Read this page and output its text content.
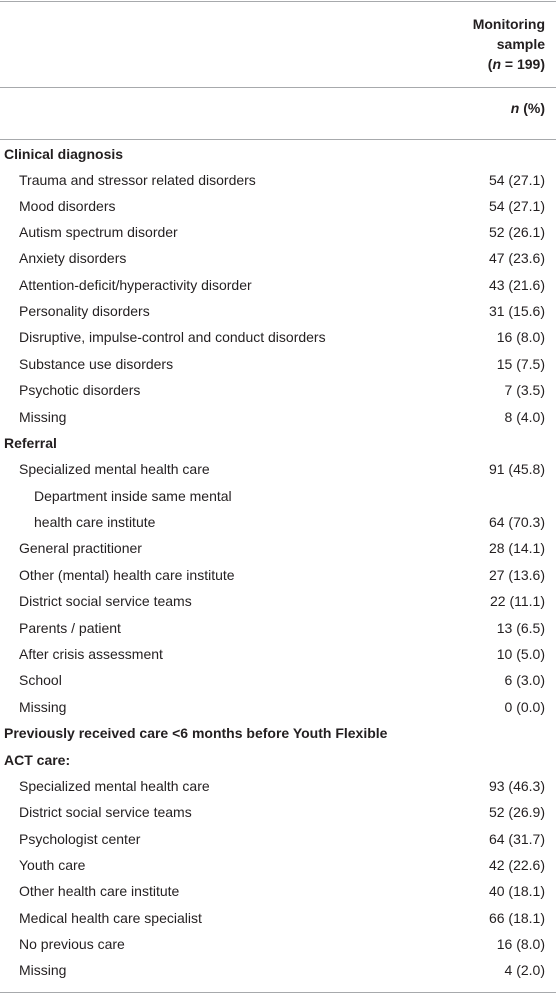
Monitoring
sample
(n = 199)
n (%)
Clinical diagnosis
Trauma and stressor related disorders	54 (27.1)
Mood disorders	54 (27.1)
Autism spectrum disorder	52 (26.1)
Anxiety disorders	47 (23.6)
Attention-deficit/hyperactivity disorder	43 (21.6)
Personality disorders	31 (15.6)
Disruptive, impulse-control and conduct disorders	16 (8.0)
Substance use disorders	15 (7.5)
Psychotic disorders	7 (3.5)
Missing	8 (4.0)
Referral
Specialized mental health care	91 (45.8)
Department inside same mental
health care institute	64 (70.3)
General practitioner	28 (14.1)
Other (mental) health care institute	27 (13.6)
District social service teams	22 (11.1)
Parents / patient	13 (6.5)
After crisis assessment	10 (5.0)
School	6 (3.0)
Missing	0 (0.0)
Previously received care <6 months before Youth Flexible
ACT care:
Specialized mental health care	93 (46.3)
District social service teams	52 (26.9)
Psychologist center	64 (31.7)
Youth care	42 (22.6)
Other health care institute	40 (18.1)
Medical health care specialist	66 (18.1)
No previous care	16 (8.0)
Missing	4 (2.0)
